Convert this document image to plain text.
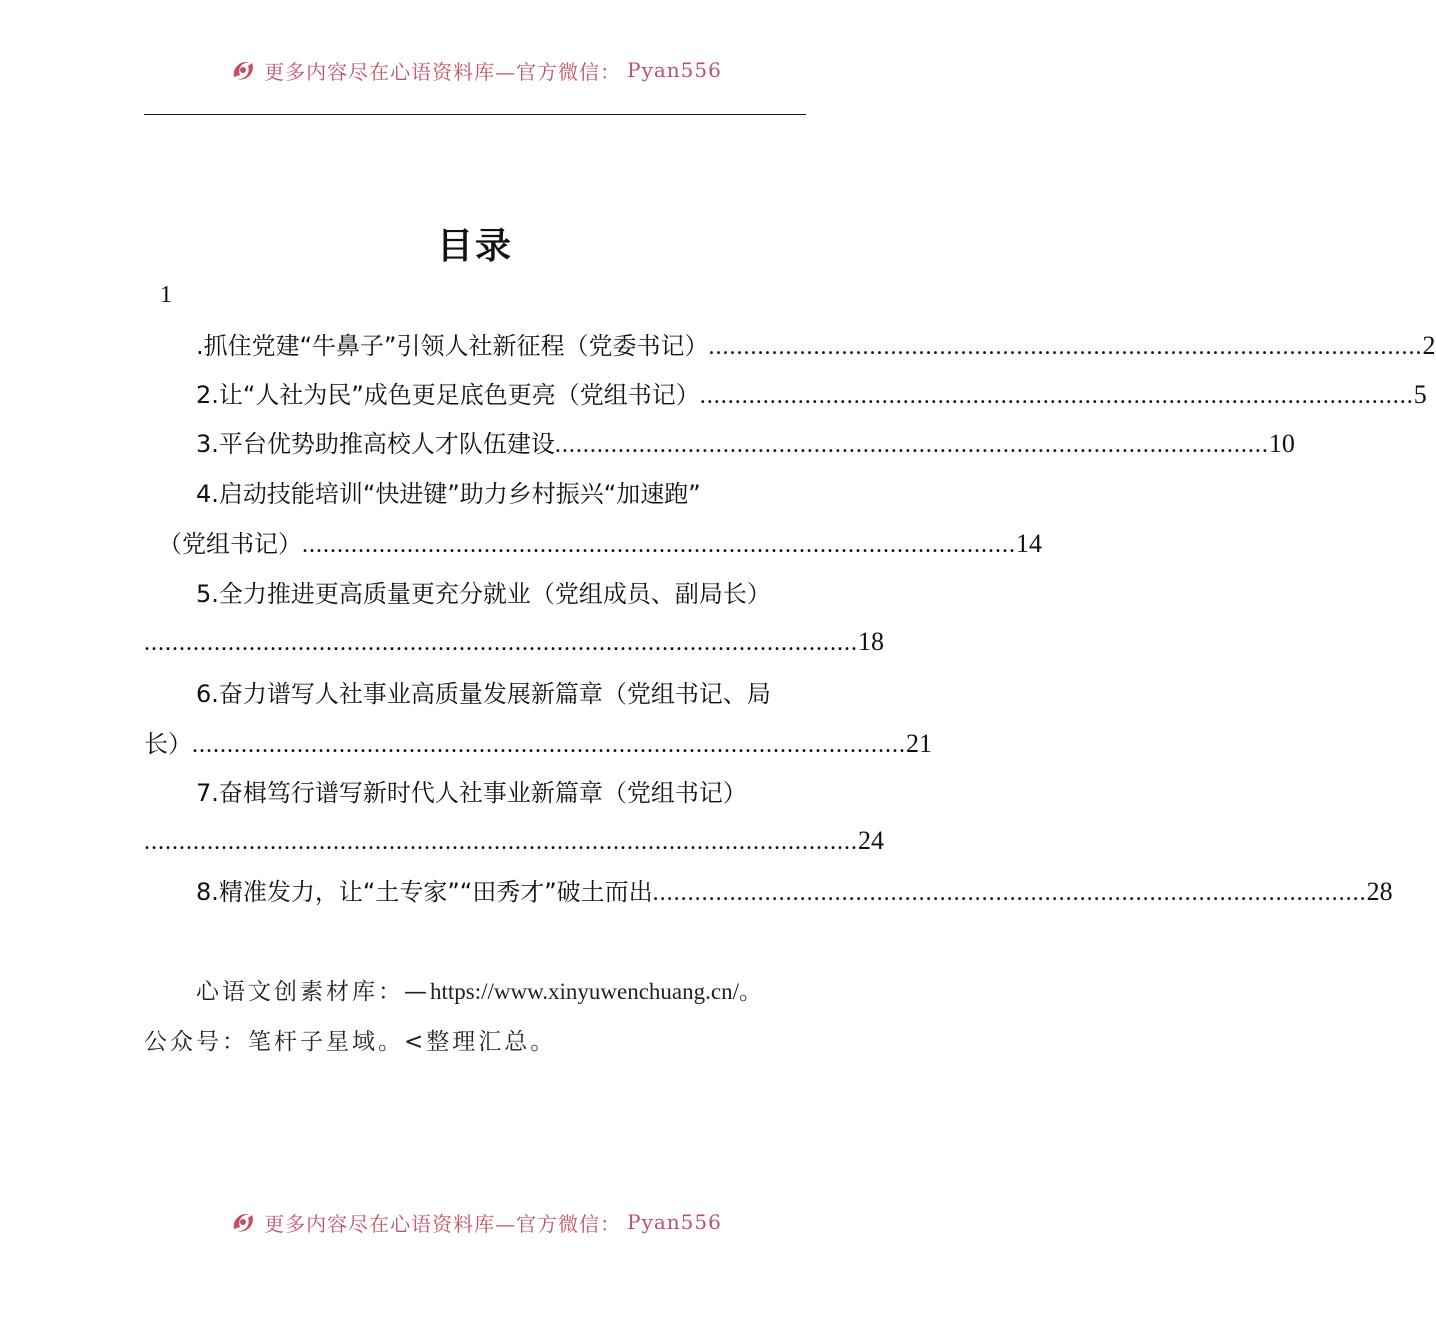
更多内容尽在心语资料库—官方微信： Pyan556
目录
1
.抓住党建“牛鼻子”引领人社新征程（党委书记） ...................................................................................................... 2
2.让“人社为民”成色更足底色更亮（党组书记） ...................................................................................................... 5
3.平台优势助推高校人才队伍建设 ...................................................................................................... 10
4.启动技能培训“快进键”助力乡村振兴“加速跑”
（党组书记） ...................................................................................................... 14
5.全力推进更高质量更充分就业（党组成员、副局长）
...................................................................................................... 18
6.奋力谱写人社事业高质量发展新篇章（党组书记、局
长） ...................................................................................................... 21
7.奋楫笃行谱写新时代人社事业新篇章（党组书记）
...................................................................................................... 24
8.精准发力，让“土专家”“田秀才”破土而出 ...................................................................................................... 28
心语文创素材库：—https://www.xinyuwenchuang.cn/。
公众号：笔杆子星域。<整理汇总。
更多内容尽在心语资料库—官方微信： Pyan556
